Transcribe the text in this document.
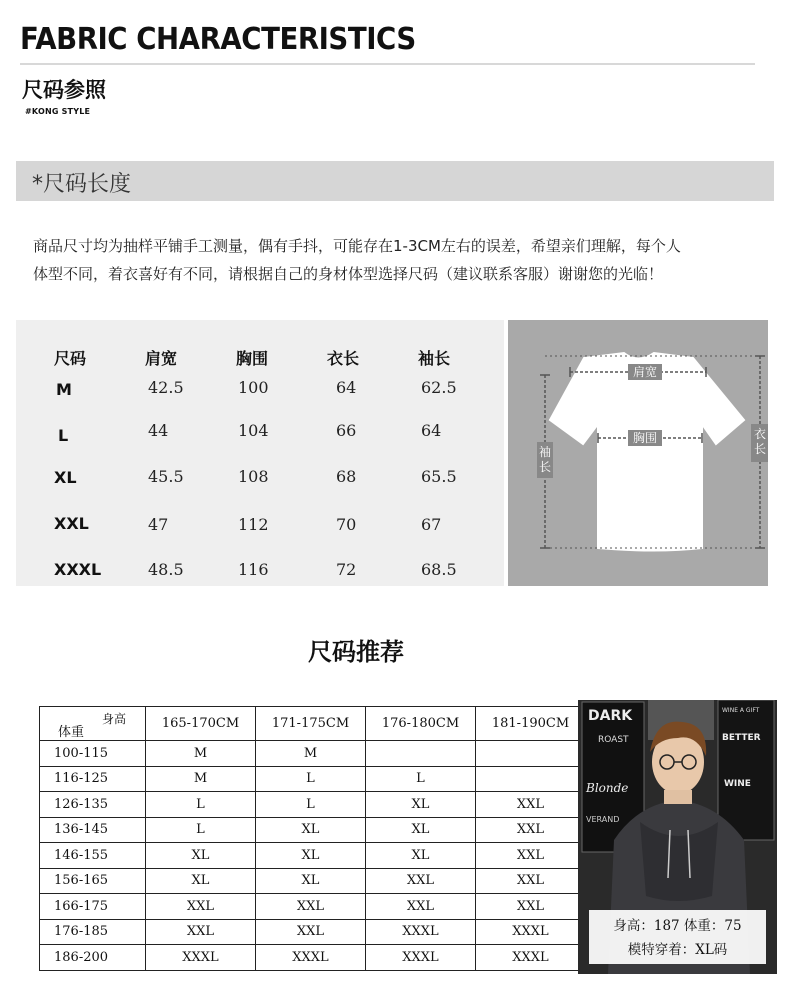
FABRIC CHARACTERISTICS
尺码参照
#KONG STYLE
*尺码长度
商品尺寸均为抽样平铺手工测量，偶有手抖，可能存在1-3CM左右的误差，希望亲们理解，每个人
体型不同，着衣喜好有不同，请根据自己的身材体型选择尺码（建议联系客服）谢谢您的光临！
尺码	肩宽	胸围	衣长	袖长
M	42.5	100	64	62.5
L	44	104	66	64
XL	45.5	108	68	65.5
XXL	47	112	70	67
XXXL	48.5	116	72	68.5
肩宽
胸围
袖长
衣长
尺码推荐
身高
体重	165-170CM	171-175CM	176-180CM	181-190CM
100-115	M	M		
116-125	M	L	L	
126-135	L	L	XL	XXL
136-145	L	XL	XL	XXL
146-155	XL	XL	XL	XXL
156-165	XL	XL	XXL	XXL
166-175	XXL	XXL	XXL	XXL
176-185	XXL	XXL	XXXL	XXXL
186-200	XXXL	XXXL	XXXL	XXXL
DARK
ROAST
Blonde
VERAND
WINE A GIFT
BETTER
WINE
身高：187 体重：75
模特穿着：XL码
